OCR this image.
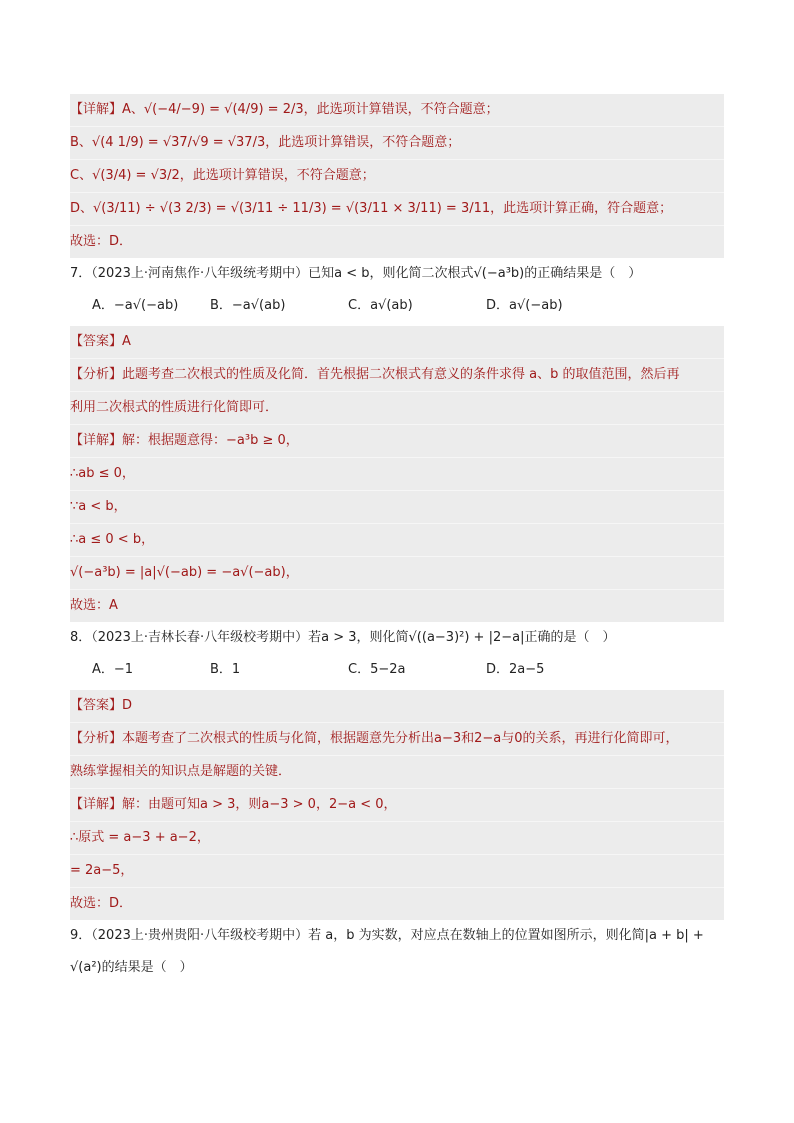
【详解】A、√(−4/−9) = √(4/9) = 2/3，此选项计算错误，不符合题意；
B、√(4 1/9) = √37/√9 = √37/3，此选项计算错误，不符合题意；
C、√(3/4) = √3/2，此选项计算错误，不符合题意；
D、√(3/11) ÷ √(3 2/3) = √(3/11 ÷ 11/3) = √(3/11 × 3/11) = 3/11，此选项计算正确，符合题意；
故选：D．
7．（2023上·河南焦作·八年级统考期中）已知a < b，则化简二次根式√(−a³b)的正确结果是（　）
A．−a√(−ab)	B．−a√(ab)	C．a√(ab)	D．a√(−ab)
【答案】A
【分析】此题考查二次根式的性质及化简．首先根据二次根式有意义的条件求得 a、b 的取值范围，然后再
利用二次根式的性质进行化简即可．
【详解】解：根据题意得：−a³b ≥ 0，
∴ab ≤ 0，
∵a < b，
∴a ≤ 0 < b，
√(−a³b) = |a|√(−ab) = −a√(−ab)，
故选：A
8．（2023上·吉林长春·八年级校考期中）若a > 3，则化简√((a−3)²) + |2−a|正确的是（　）
A．−1	B．1	C．5−2a	D．2a−5
【答案】D
【分析】本题考查了二次根式的性质与化简，根据题意先分析出a−3和2−a与0的关系，再进行化简即可，
熟练掌握相关的知识点是解题的关键．
【详解】解：由题可知a > 3，则a−3 > 0，2−a < 0，
∴原式 = a−3 + a−2，
= 2a−5，
故选：D．
9．（2023上·贵州贵阳·八年级校考期中）若 a，b 为实数，对应点在数轴上的位置如图所示，则化简|a + b| +
√(a²)的结果是（　）
